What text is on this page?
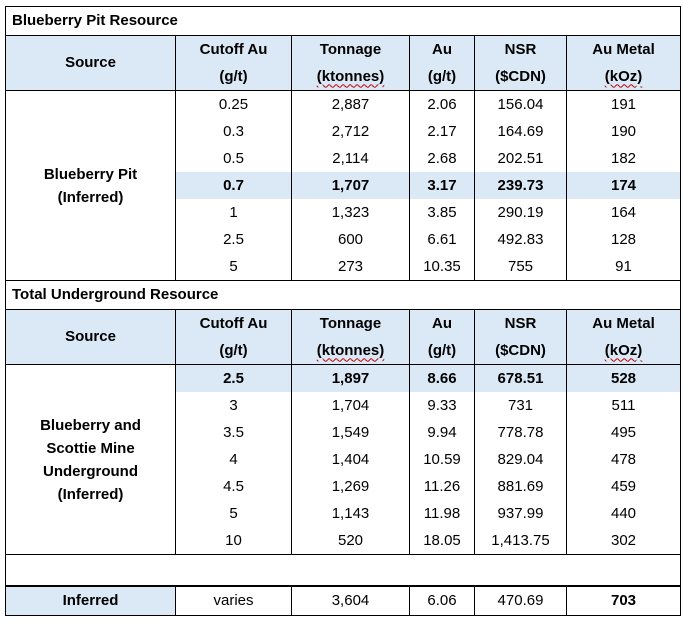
Blueberry Pit Resource					
Source	Cutoff Au	Tonnage	Au	NSR	Au Metal
	(g/t)	(ktonnes)	(g/t)	($CDN)	(kOz)
Blueberry Pit
(Inferred)	0.25	2,887	2.06	156.04	191
	0.3	2,712	2.17	164.69	190
	0.5	2,114	2.68	202.51	182
	0.7	1,707	3.17	239.73	174
	1	1,323	3.85	290.19	164
	2.5	600	6.61	492.83	128
	5	273	10.35	755	91
Total Underground Resource					
Source	Cutoff Au	Tonnage	Au	NSR	Au Metal
	(g/t)	(ktonnes)	(g/t)	($CDN)	(kOz)
Blueberry and
Scottie Mine
Underground
(Inferred)	2.5	1,897	8.66	678.51	528
	3	1,704	9.33	731	511
	3.5	1,549	9.94	778.78	495
	4	1,404	10.59	829.04	478
	4.5	1,269	11.26	881.69	459
	5	1,143	11.98	937.99	440
	10	520	18.05	1,413.75	302

Inferred	varies	3,604	6.06	470.69	703
